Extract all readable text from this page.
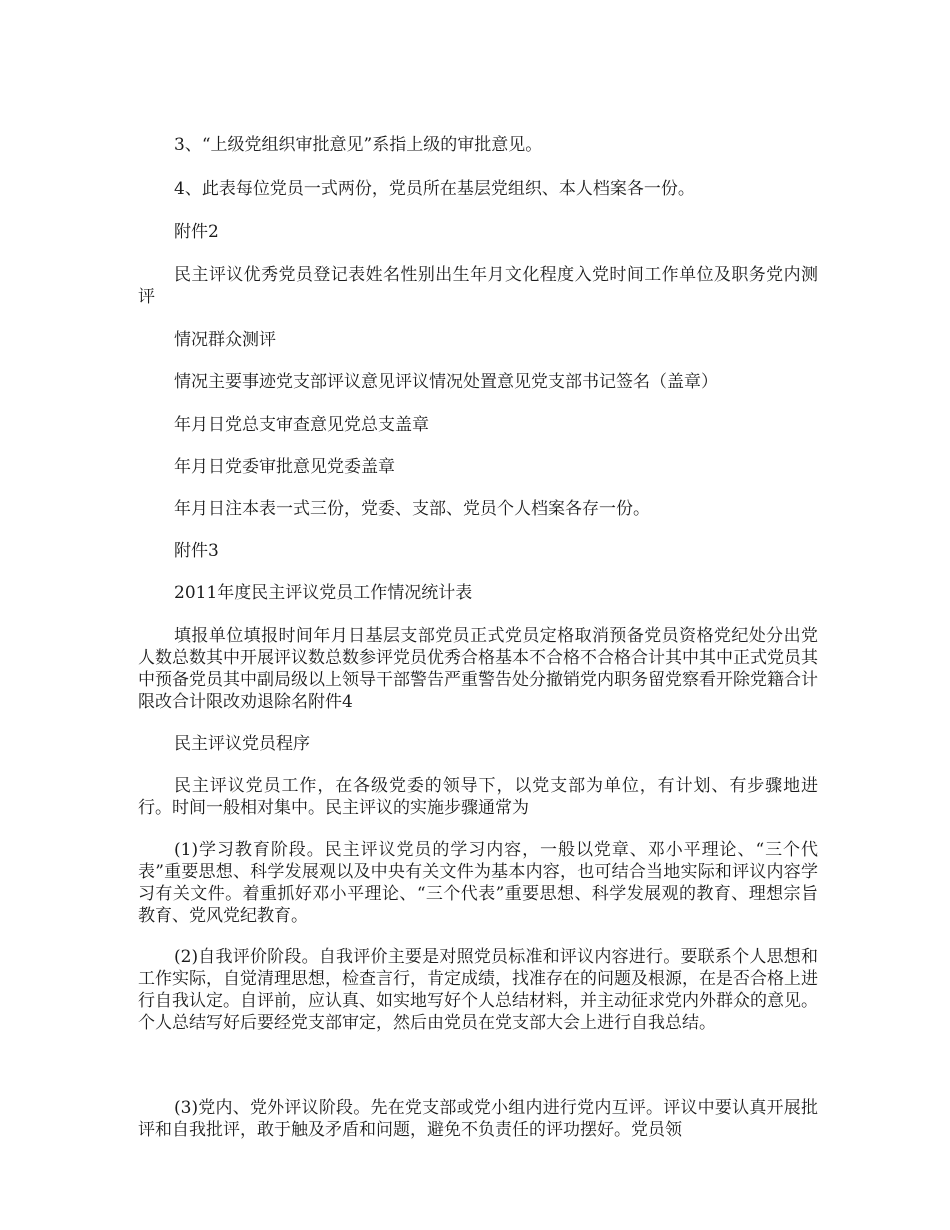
3、“上级党组织审批意见”系指上级的审批意见。

4、此表每位党员一式两份，党员所在基层党组织、本人档案各一份。

附件2

民主评议优秀党员登记表姓名性别出生年月文化程度入党时间工作单位及职务党内测评

情况群众测评

情况主要事迹党支部评议意见评议情况处置意见党支部书记签名（盖章）

年月日党总支审查意见党总支盖章

年月日党委审批意见党委盖章

年月日注本表一式三份，党委、支部、党员个人档案各存一份。

附件3

2011年度民主评议党员工作情况统计表

填报单位填报时间年月日基层支部党员正式党员定格取消预备党员资格党纪处分出党人数总数其中开展评议数总数参评党员优秀合格基本不合格不合格合计其中其中正式党员其中预备党员其中副局级以上领导干部警告严重警告处分撤销党内职务留党察看开除党籍合计限改合计限改劝退除名附件4

民主评议党员程序

民主评议党员工作，在各级党委的领导下，以党支部为单位，有计划、有步骤地进行。时间一般相对集中。民主评议的实施步骤通常为

(1)学习教育阶段。民主评议党员的学习内容，一般以党章、邓小平理论、“三个代表”重要思想、科学发展观以及中央有关文件为基本内容，也可结合当地实际和评议内容学习有关文件。着重抓好邓小平理论、“三个代表”重要思想、科学发展观的教育、理想宗旨教育、党风党纪教育。

(2)自我评价阶段。自我评价主要是对照党员标准和评议内容进行。要联系个人思想和工作实际，自觉清理思想，检查言行，肯定成绩，找准存在的问题及根源，在是否合格上进行自我认定。自评前，应认真、如实地写好个人总结材料，并主动征求党内外群众的意见。个人总结写好后要经党支部审定，然后由党员在党支部大会上进行自我总结。

(3)党内、党外评议阶段。先在党支部或党小组内进行党内互评。评议中要认真开展批评和自我批评，敢于触及矛盾和问题，避免不负责任的评功摆好。党员领
